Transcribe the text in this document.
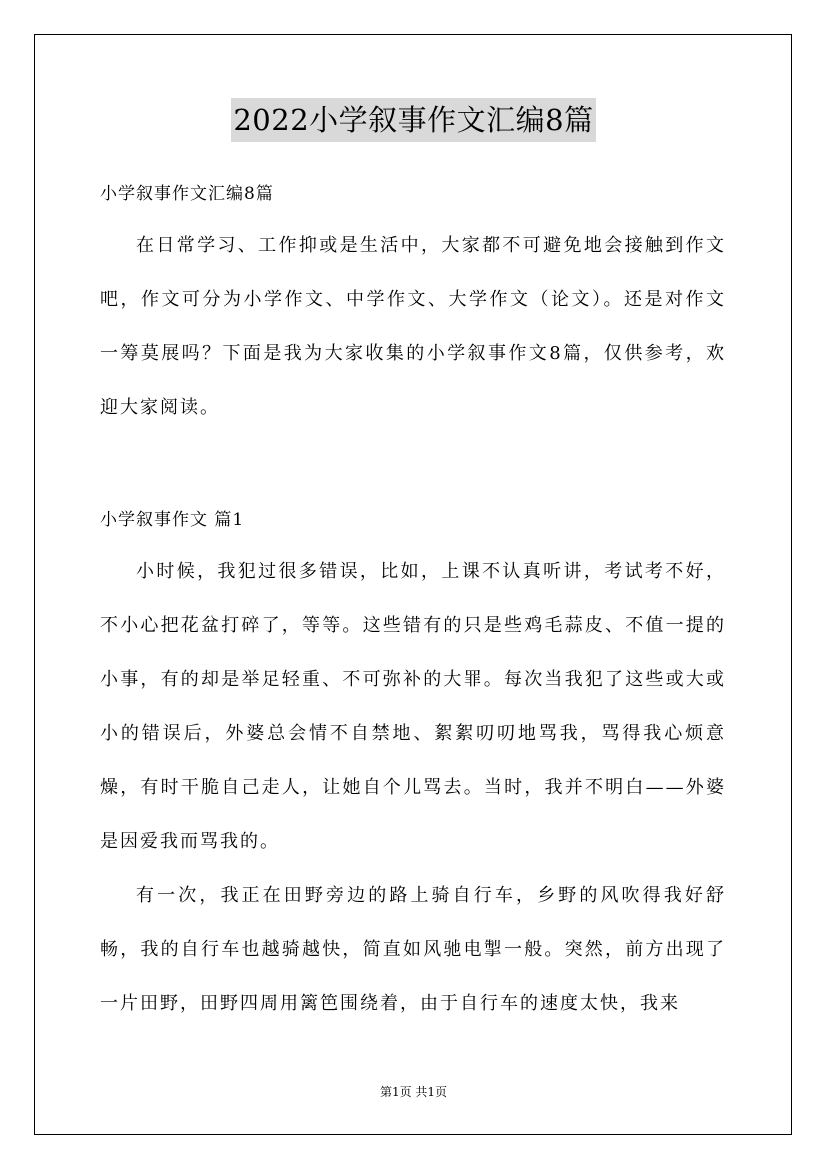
2022小学叙事作文汇编8篇
小学叙事作文汇编8篇

在日常学习、工作抑或是生活中，大家都不可避免地会接触到作文吧，作文可分为小学作文、中学作文、大学作文（论文）。还是对作文一筹莫展吗？下面是我为大家收集的小学叙事作文8篇，仅供参考，欢迎大家阅读。

小学叙事作文 篇1

小时候，我犯过很多错误，比如，上课不认真听讲，考试考不好，不小心把花盆打碎了，等等。这些错有的只是些鸡毛蒜皮、不值一提的小事，有的却是举足轻重、不可弥补的大罪。每次当我犯了这些或大或小的错误后，外婆总会情不自禁地、絮絮叨叨地骂我，骂得我心烦意燥，有时干脆自己走人，让她自个儿骂去。当时，我并不明白——外婆是因爱我而骂我的。

有一次，我正在田野旁边的路上骑自行车，乡野的风吹得我好舒畅，我的自行车也越骑越快，简直如风驰电掣一般。突然，前方出现了一片田野，田野四周用篱笆围绕着，由于自行车的速度太快，我来

第1页 共1页
